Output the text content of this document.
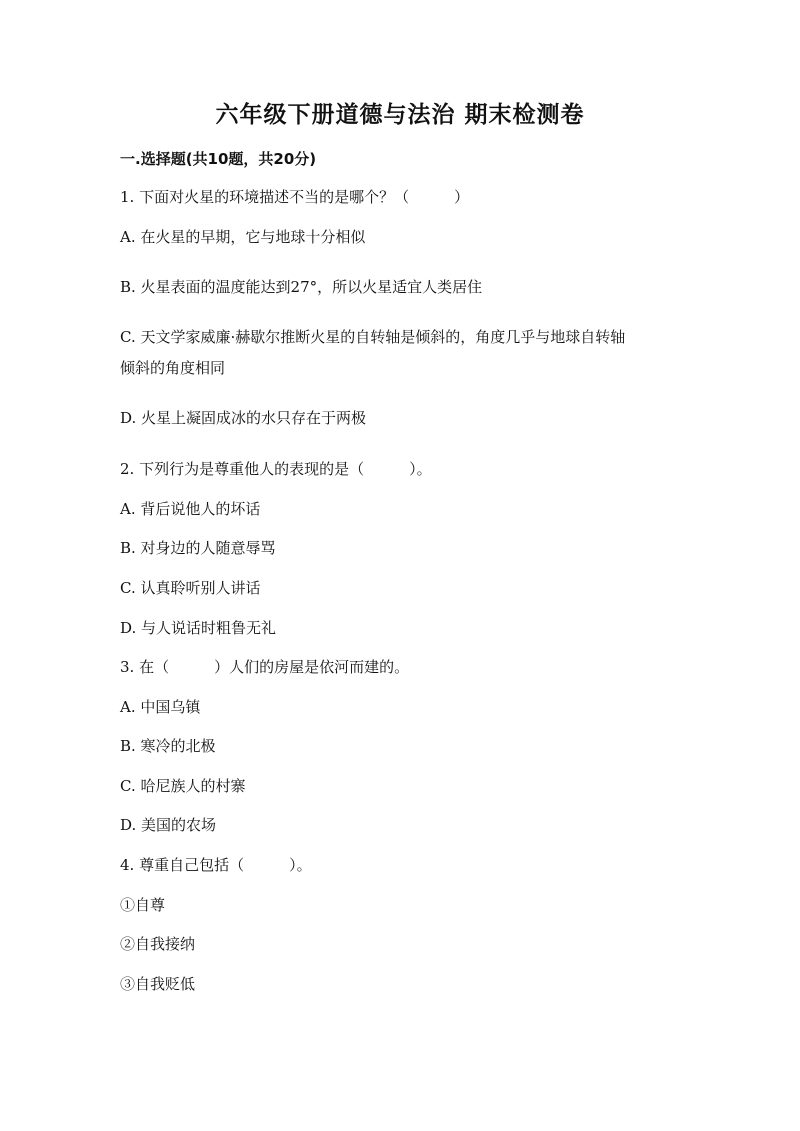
六年级下册道德与法治 期末检测卷
一.选择题(共10题，共20分)
1. 下面对火星的环境描述不当的是哪个？（　　　）
A. 在火星的早期，它与地球十分相似
B. 火星表面的温度能达到27°，所以火星适宜人类居住
C. 天文学家威廉·赫歇尔推断火星的自转轴是倾斜的，角度几乎与地球自转轴
倾斜的角度相同
D. 火星上凝固成冰的水只存在于两极
2. 下列行为是尊重他人的表现的是（　　　）。
A. 背后说他人的坏话
B. 对身边的人随意辱骂
C. 认真聆听别人讲话
D. 与人说话时粗鲁无礼
3. 在（　　　）人们的房屋是依河而建的。
A. 中国乌镇
B. 寒冷的北极
C. 哈尼族人的村寨
D. 美国的农场
4. 尊重自己包括（　　　）。
①自尊
②自我接纳
③自我贬低
